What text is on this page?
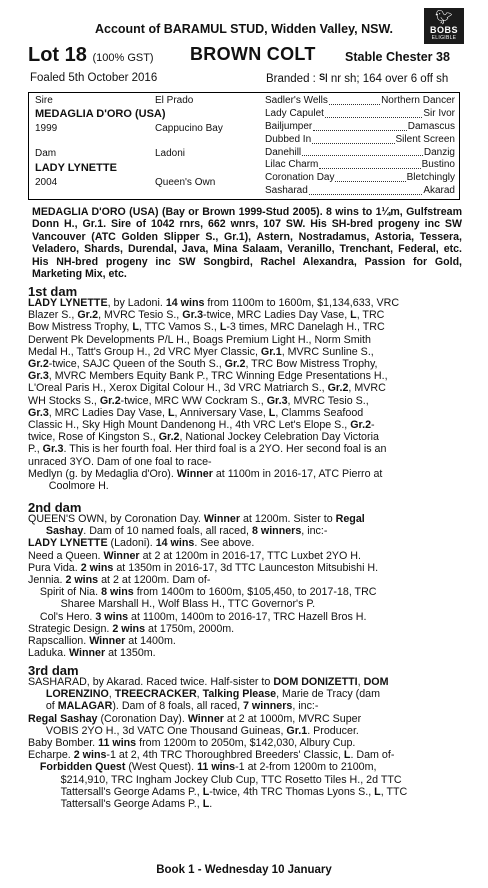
Account of BARAMUL STUD, Widden Valley, NSW.
🐦︎
BOBS
ELIGIBLE
Lot 18 (100% GST) BROWN COLT Stable Chester 38
Foaled 5th October 2016	Branded : S| nr sh; 164 over 6 off sh
Sire	El Prado
MEDAGLIA D'ORO (USA)
1999	Cappucino Bay
Dam	Ladoni
LADY LYNETTE
2004	Queen's Own
Sadler's Wells	Northern Dancer
Lady Capulet	Sir Ivor
Bailjumper	Damascus
Dubbed In	Silent Screen
Danehill	Danzig
Lilac Charm	Bustino
Coronation Day	Bletchingly
Sasharad	Akarad
MEDAGLIA D'ORO (USA) (Bay or Brown 1999-Stud 2005). 8 wins to 1¼m, Gulfstream Donn H., Gr.1. Sire of 1042 rnrs, 662 wnrs, 107 SW. His SH-bred progeny inc SW Vancouver (ATC Golden Slipper S., Gr.1), Astern, Nostradamus, Astoria, Tessera, Veladero, Shards, Durendal, Java, Mina Salaam, Veranillo, Trenchant, Federal, etc. His NH-bred progeny inc SW Songbird, Rachel Alexandra, Passion for Gold, Marketing Mix, etc.
1st dam
LADY LYNETTE, by Ladoni. 14 wins from 1100m to 1600m, $1,134,633, VRC
Blazer S., Gr.2, MVRC Tesio S., Gr.3-twice, MRC Ladies Day Vase, L, TRC
Bow Mistress Trophy, L, TTC Vamos S., L-3 times, MRC Danelagh H., TRC
Derwent Pk Developments P/L H., Boags Premium Light H., Norm Smith
Medal H., Tatt's Group H., 2d VRC Myer Classic, Gr.1, MVRC Sunline S.,
Gr.2-twice, SAJC Queen of the South S., Gr.2, TRC Bow Mistress Trophy,
Gr.3, MVRC Members Equity Bank P., TRC Winning Edge Presentations H.,
L'Oreal Paris H., Xerox Digital Colour H., 3d VRC Matriarch S., Gr.2, MVRC
WH Stocks S., Gr.2-twice, MRC WW Cockram S., Gr.3, MVRC Tesio S.,
Gr.3, MRC Ladies Day Vase, L, Anniversary Vase, L, Clamms Seafood
Classic H., Sky High Mount Dandenong H., 4th VRC Let's Elope S., Gr.2-
twice, Rose of Kingston S., Gr.2, National Jockey Celebration Day Victoria
P., Gr.3. This is her fourth foal. Her third foal is a 2YO. Her second foal is an
unraced 3YO. Dam of one foal to race-
Medlyn (g. by Medaglia d'Oro). Winner at 1100m in 2016-17, ATC Pierro at
Coolmore H.
2nd dam
QUEEN'S OWN, by Coronation Day. Winner at 1200m. Sister to Regal
Sashay. Dam of 10 named foals, all raced, 8 winners, inc:-
LADY LYNETTE (Ladoni). 14 wins. See above.
Need a Queen. Winner at 2 at 1200m in 2016-17, TTC Luxbet 2YO H.
Pura Vida. 2 wins at 1350m in 2016-17, 3d TTC Launceston Mitsubishi H.
Jennia. 2 wins at 2 at 1200m. Dam of-
Spirit of Nia. 8 wins from 1400m to 1600m, $105,450, to 2017-18, TRC
Sharee Marshall H., Wolf Blass H., TTC Governor's P.
Col's Hero. 3 wins at 1100m, 1400m to 2016-17, TRC Hazell Bros H.
Strategic Design. 2 wins at 1750m, 2000m.
Rapscallion. Winner at 1400m.
Laduka. Winner at 1350m.
3rd dam
SASHARAD, by Akarad. Raced twice. Half-sister to DOM DONIZETTI, DOM
LORENZINO, TREECRACKER, Talking Please, Marie de Tracy (dam
of MALAGAR). Dam of 8 foals, all raced, 7 winners, inc:-
Regal Sashay (Coronation Day). Winner at 2 at 1000m, MVRC Super
VOBIS 2YO H., 3d VATC One Thousand Guineas, Gr.1. Producer.
Baby Bomber. 11 wins from 1200m to 2050m, $142,030, Albury Cup.
Echarpe. 2 wins-1 at 2, 4th TRC Thoroughbred Breeders' Classic, L. Dam of-
Forbidden Quest (West Quest). 11 wins-1 at 2-from 1200m to 2100m,
$214,910, TRC Ingham Jockey Club Cup, TTC Rosetto Tiles H., 2d TTC
Tattersall's George Adams P., L-twice, 4th TRC Thomas Lyons S., L, TTC
Tattersall's George Adams P., L.
Book 1 - Wednesday 10 January
